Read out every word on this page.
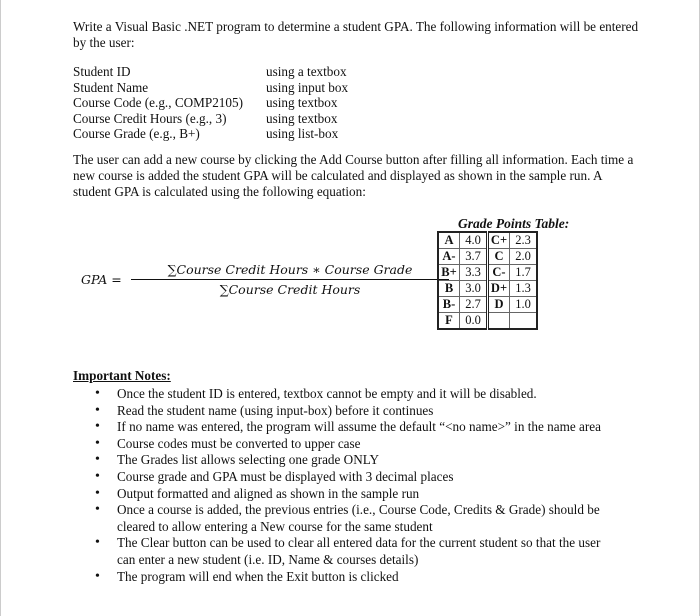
Write a Visual Basic .NET program to determine a student GPA. The following information will be entered
by the user:
Student ID	using a textbox
Student Name	using input box
Course Code (e.g., COMP2105) using textbox
Course Credit Hours (e.g., 3)	using textbox
Course Grade (e.g., B+)	using list-box
The user can add a new course by clicking the Add Course button after filling all information. Each time a
new course is added the student GPA will be calculated and displayed as shown in the sample run. A
student GPA is calculated using the following equation:
GPA =
∑Course Credit Hours ∗ Course Grade
∑Course Credit Hours
Grade Points Table:
A	4.0	C+	2.3
A-	3.7	C	2.0
B+	3.3	C-	1.7
B	3.0	D+	1.3
B-	2.7	D	1.0
F	0.0		
Important Notes:
• Once the student ID is entered, textbox cannot be empty and it will be disabled.
• Read the student name (using input-box) before it continues
• If no name was entered, the program will assume the default “<no name>” in the name area
• Course codes must be converted to upper case
• The Grades list allows selecting one grade ONLY
• Course grade and GPA must be displayed with 3 decimal places
• Output formatted and aligned as shown in the sample run
• Once a course is added, the previous entries (i.e., Course Code, Credits & Grade) should be
cleared to allow entering a New course for the same student
• The Clear button can be used to clear all entered data for the current student so that the user
can enter a new student (i.e. ID, Name & courses details)
• The program will end when the Exit button is clicked
